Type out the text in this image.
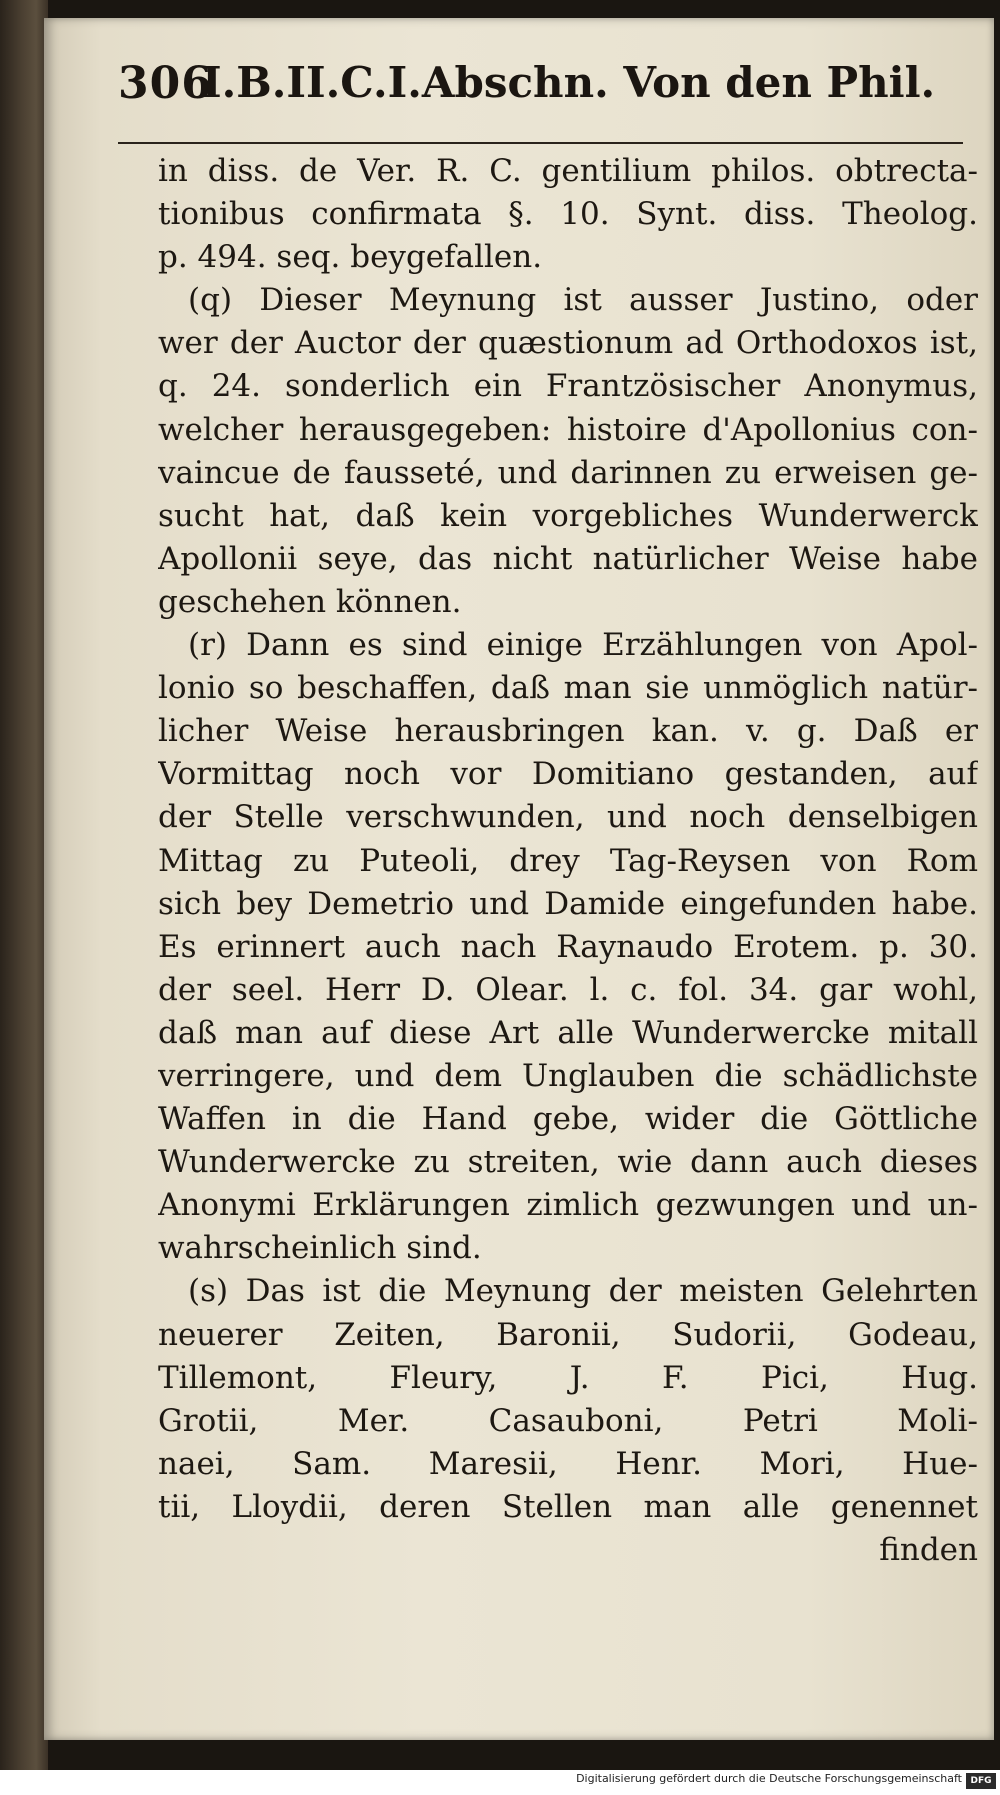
306
I.B.II.C.I.Abschn. Von den Phil.
in diss. de Ver. R. C. gentilium philos. obtrecta-
tionibus confirmata §. 10. Synt. diss. Theolog.
p. 494. seq. beygefallen.
(q) Dieser Meynung ist ausser Justino, oder
wer der Auctor der quæstionum ad Orthodoxos ist,
q. 24. sonderlich ein Frantzösischer Anonymus,
welcher herausgegeben: histoire d'Apollonius con-
vaincue de fausseté, und darinnen zu erweisen ge-
sucht hat, daß kein vorgebliches Wunderwerck
Apollonii seye, das nicht natürlicher Weise habe
geschehen können.
(r) Dann es sind einige Erzählungen von Apol-
lonio so beschaffen, daß man sie unmöglich natür-
licher Weise herausbringen kan. v. g. Daß er
Vormittag noch vor Domitiano gestanden, auf
der Stelle verschwunden, und noch denselbigen
Mittag zu Puteoli, drey Tag-Reysen von Rom
sich bey Demetrio und Damide eingefunden habe.
Es erinnert auch nach Raynaudo Erotem. p. 30.
der seel. Herr D. Olear. l. c. fol. 34. gar wohl,
daß man auf diese Art alle Wunderwercke mitall
verringere, und dem Unglauben die schädlichste
Waffen in die Hand gebe, wider die Göttliche
Wunderwercke zu streiten, wie dann auch dieses
Anonymi Erklärungen zimlich gezwungen und un-
wahrscheinlich sind.
(s) Das ist die Meynung der meisten Gelehrten
neuerer Zeiten, Baronii, Sudorii, Godeau,
Tillemont, Fleury, J. F. Pici, Hug.
Grotii, Mer. Casauboni, Petri Moli-
naei, Sam. Maresii, Henr. Mori, Hue-
tii, Lloydii, deren Stellen man alle genennet
finden
Digitalisierung gefördert durch die Deutsche Forschungsgemeinschaft DFG
